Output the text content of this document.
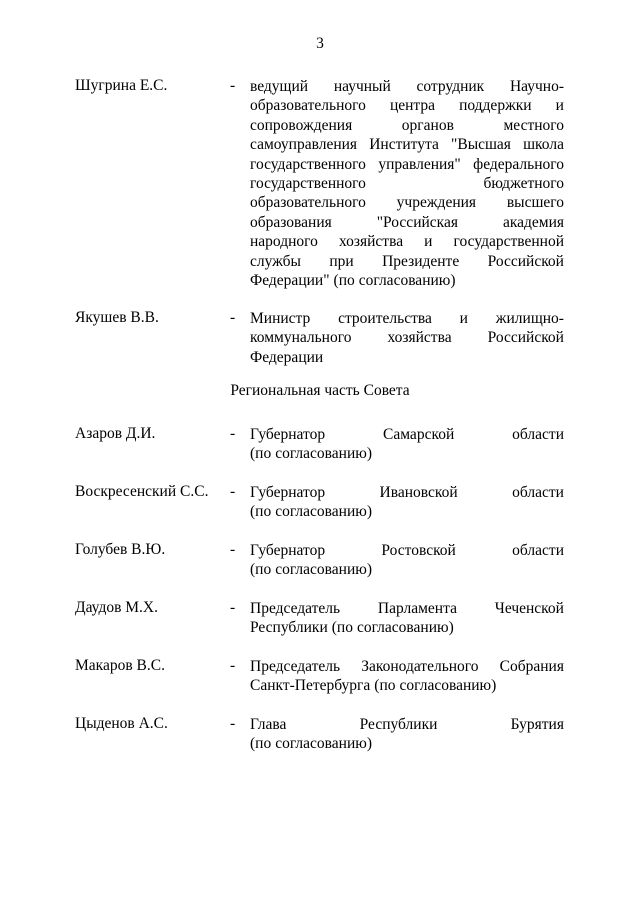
3
Региональная часть Совета
Шугрина Е.С.	- ведущий научный сотрудник Научно-
образовательного центра поддержки и
сопровождения	органов	местного
самоуправления Института "Высшая школа
государственного управления" федерального
государственного	бюджетного
образовательного учреждения высшего
образования	"Российская	академия
народного хозяйства и государственной
службы при Президенте Российской
Федерации" (по согласованию)
Якушев В.В.	- Министр строительства и жилищно-
коммунального хозяйства Российской
Федерации
Азаров Д.И.	- Губернатор	Самарской	области
(по согласованию)
Воскресенский С.С. - Губернатор	Ивановской	области
(по согласованию)
Голубев В.Ю.	- Губернатор	Ростовской	области
(по согласованию)
Даудов М.Х.	- Председатель Парламента Чеченской
Республики (по согласованию)
Макаров В.С.	- Председатель Законодательного Собрания
Санкт-Петербурга (по согласованию)
Цыденов А.С.	- Глава	Республики	Бурятия
(по согласованию)
